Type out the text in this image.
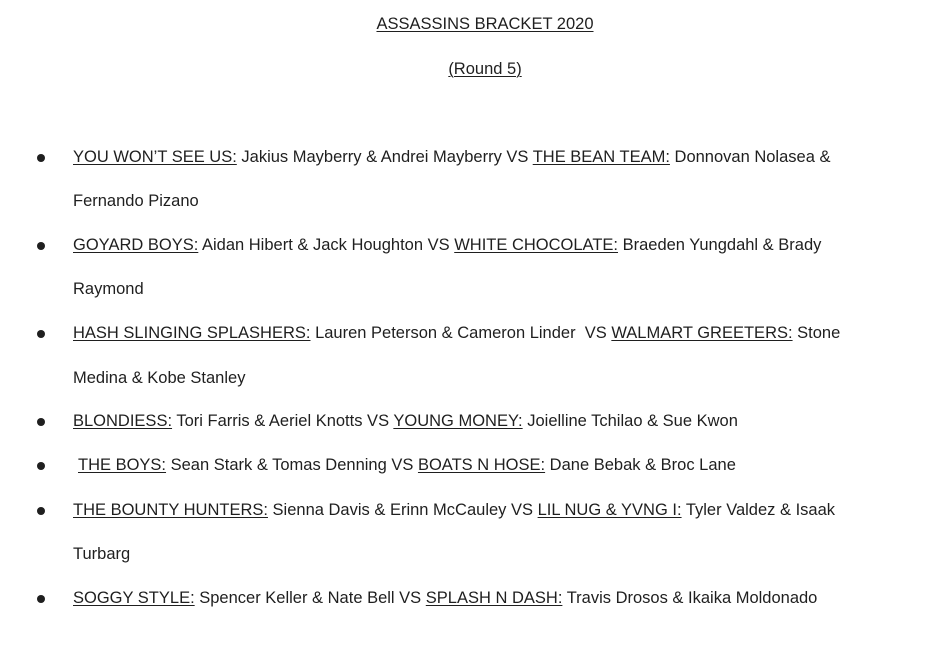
ASSASSINS BRACKET 2020
(Round 5)
YOU WON’T SEE US: Jakius Mayberry & Andrei Mayberry VS THE BEAN TEAM: Donnovan Nolasea &
Fernando Pizano
GOYARD BOYS: Aidan Hibert & Jack Houghton VS WHITE CHOCOLATE: Braeden Yungdahl & Brady
Raymond
HASH SLINGING SPLASHERS: Lauren Peterson & Cameron Linder  VS WALMART GREETERS: Stone
Medina & Kobe Stanley
BLONDIESS: Tori Farris & Aeriel Knotts VS YOUNG MONEY: Joielline Tchilao & Sue Kwon
THE BOYS: Sean Stark & Tomas Denning VS BOATS N HOSE: Dane Bebak & Broc Lane
THE BOUNTY HUNTERS: Sienna Davis & Erinn McCauley VS LIL NUG & YVNG I: Tyler Valdez & Isaak
Turbarg
SOGGY STYLE: Spencer Keller & Nate Bell VS SPLASH N DASH: Travis Drosos & Ikaika Moldonado
